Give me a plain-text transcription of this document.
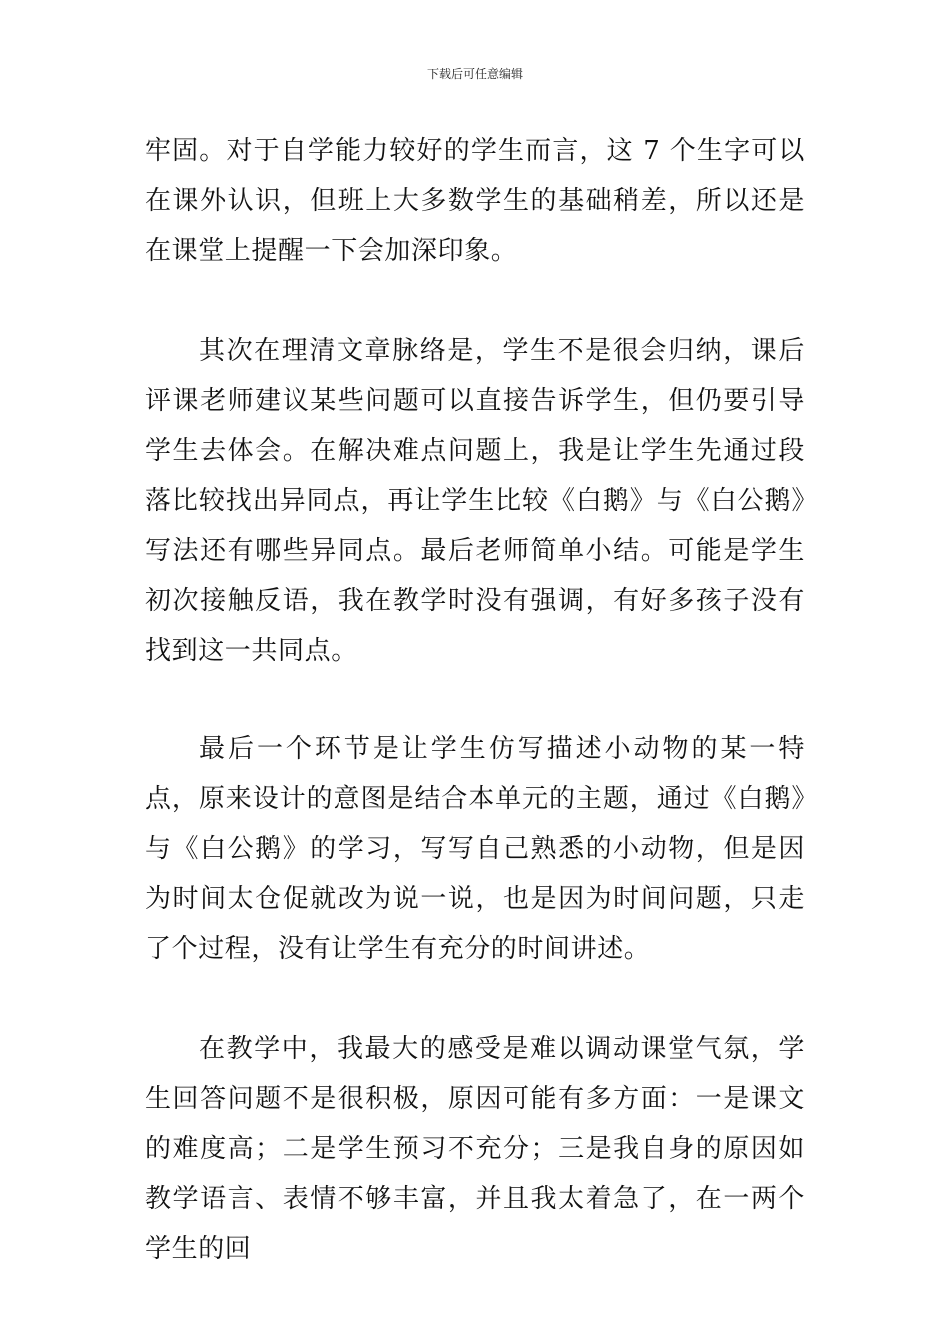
下载后可任意编辑

牢固。对于自学能力较好的学生而言，这 7 个生字可以在课外认识，但班上大多数学生的基础稍差，所以还是在课堂上提醒一下会加深印象。

其次在理清文章脉络是，学生不是很会归纳，课后评课老师建议某些问题可以直接告诉学生，但仍要引导学生去体会。在解决难点问题上，我是让学生先通过段落比较找出异同点，再让学生比较《白鹅》与《白公鹅》写法还有哪些异同点。最后老师简单小结。可能是学生初次接触反语，我在教学时没有强调，有好多孩子没有找到这一共同点。

最后一个环节是让学生仿写描述小动物的某一特点，原来设计的意图是结合本单元的主题，通过《白鹅》与《白公鹅》的学习，写写自己熟悉的小动物，但是因为时间太仓促就改为说一说，也是因为时间问题，只走了个过程，没有让学生有充分的时间讲述。

在教学中，我最大的感受是难以调动课堂气氛，学生回答问题不是很积极，原因可能有多方面：一是课文的难度高；二是学生预习不充分；三是我自身的原因如教学语言、表情不够丰富，并且我太着急了，在一两个学生的回
